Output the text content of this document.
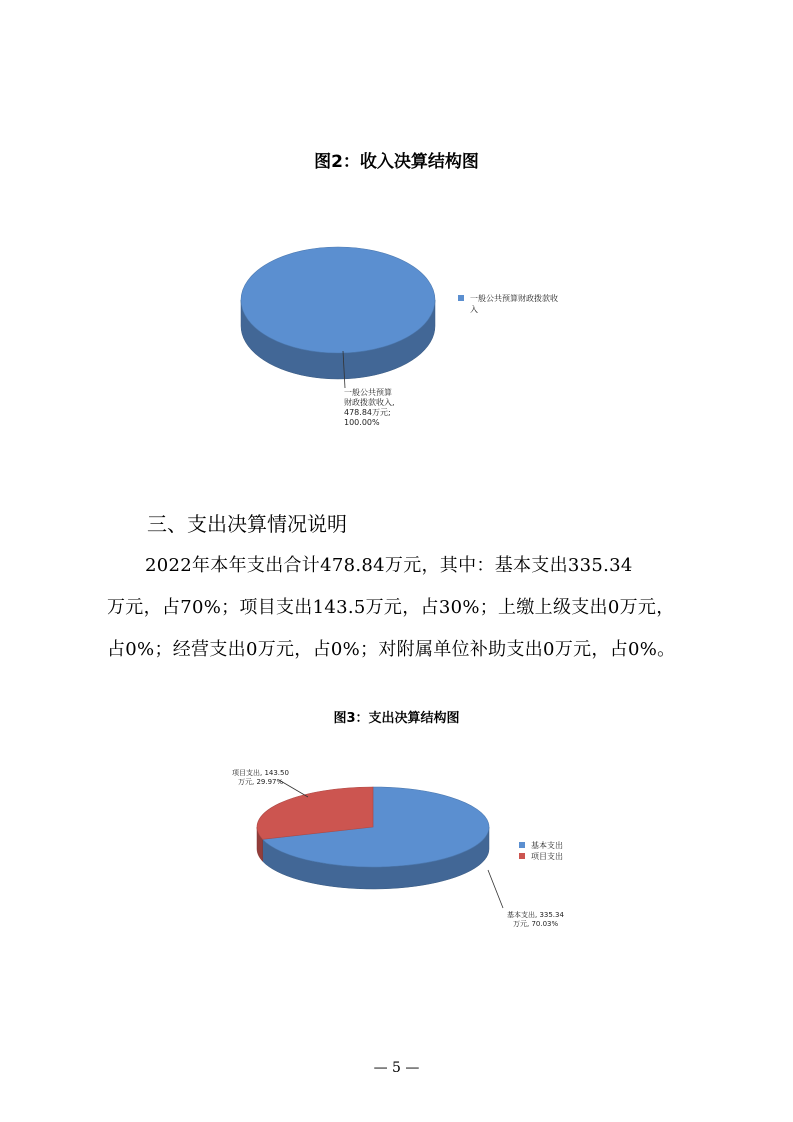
图2：收入决算结构图
一般公共预算财政拨款收
入
一般公共预算
财政拨款收入,
478.84万元;
100.00%
三、支出决算情况说明
2022年本年支出合计478.84万元，其中：基本支出335.34
万元，占70%；项目支出143.5万元，占30%；上缴上级支出0万元，
占0%；经营支出0万元，占0%；对附属单位补助支出0万元，占0%。
图3：支出决算结构图
项目支出, 143.50
万元, 29.97%
基本支出
项目支出
基本支出, 335.34
万元, 70.03%
— 5 —
